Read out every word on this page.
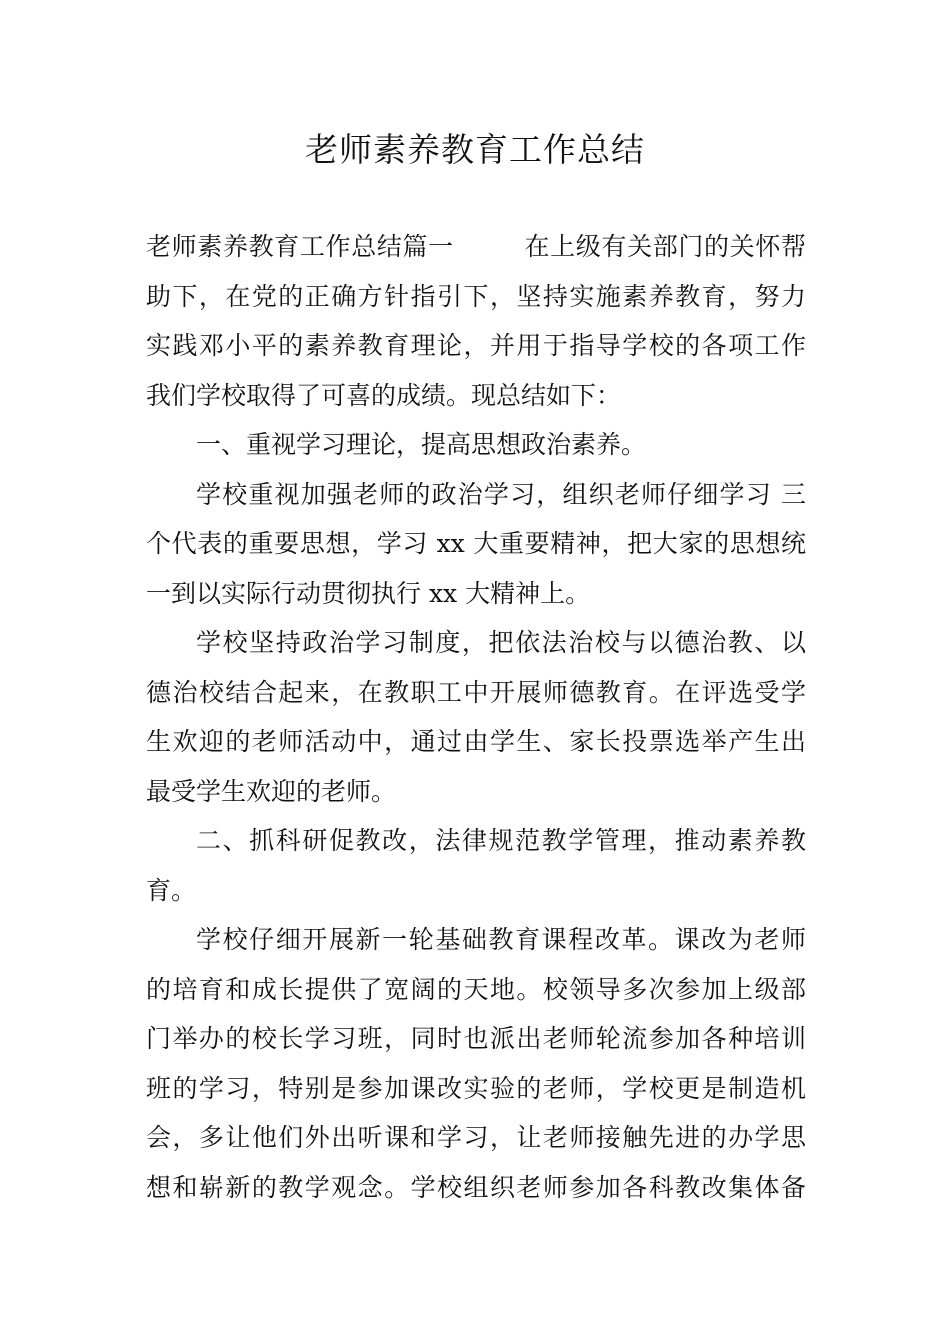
老师素养教育工作总结
老师素养教育工作总结篇一	在上级有关部门的关怀帮
助下，在党的正确方针指引下，坚持实施素养教育，努力
实践邓小平的素养教育理论，并用于指导学校的各项工作
我们学校取得了可喜的成绩。现总结如下：
一、重视学习理论，提高思想政治素养。
学校重视加强老师的政治学习，组织老师仔细学习 三
个代表的重要思想，学习 xx 大重要精神，把大家的思想统
一到以实际行动贯彻执行 xx 大精神上。
学校坚持政治学习制度，把依法治校与以德治教、以
德治校结合起来，在教职工中开展师德教育。在评选受学
生欢迎的老师活动中，通过由学生、家长投票选举产生出
最受学生欢迎的老师。
二、抓科研促教改，法律规范教学管理，推动素养教
育。
学校仔细开展新一轮基础教育课程改革。课改为老师
的培育和成长提供了宽阔的天地。校领导多次参加上级部
门举办的校长学习班，同时也派出老师轮流参加各种培训
班的学习，特别是参加课改实验的老师，学校更是制造机
会，多让他们外出听课和学习，让老师接触先进的办学思
想和崭新的教学观念。学校组织老师参加各科教改集体备
